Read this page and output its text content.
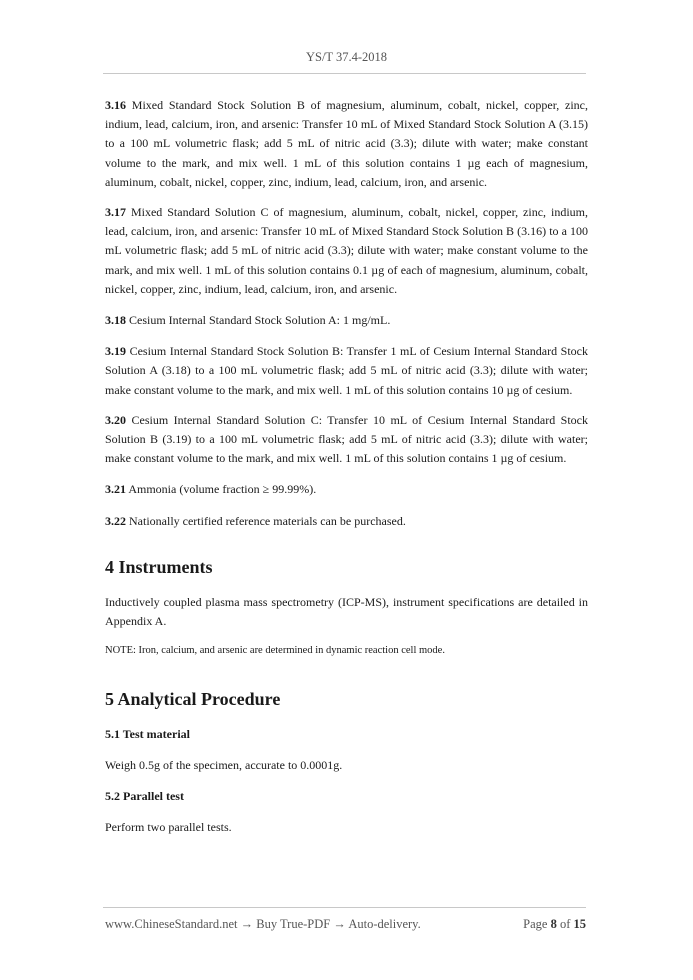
YS/T 37.4-2018

3.16 Mixed Standard Stock Solution B of magnesium, aluminum, cobalt, nickel, copper, zinc, indium, lead, calcium, iron, and arsenic: Transfer 10 mL of Mixed Standard Stock Solution A (3.15) to a 100 mL volumetric flask; add 5 mL of nitric acid (3.3); dilute with water; make constant volume to the mark, and mix well. 1 mL of this solution contains 1 µg each of magnesium, aluminum, cobalt, nickel, copper, zinc, indium, lead, calcium, iron, and arsenic.

3.17 Mixed Standard Solution C of magnesium, aluminum, cobalt, nickel, copper, zinc, indium, lead, calcium, iron, and arsenic: Transfer 10 mL of Mixed Standard Stock Solution B (3.16) to a 100 mL volumetric flask; add 5 mL of nitric acid (3.3); dilute with water; make constant volume to the mark, and mix well. 1 mL of this solution contains 0.1 µg of each of magnesium, aluminum, cobalt, nickel, copper, zinc, indium, lead, calcium, iron, and arsenic.

3.18 Cesium Internal Standard Stock Solution A: 1 mg/mL.

3.19 Cesium Internal Standard Stock Solution B: Transfer 1 mL of Cesium Internal Standard Stock Solution A (3.18) to a 100 mL volumetric flask; add 5 mL of nitric acid (3.3); dilute with water; make constant volume to the mark, and mix well. 1 mL of this solution contains 10 µg of cesium.

3.20 Cesium Internal Standard Solution C: Transfer 10 mL of Cesium Internal Standard Stock Solution B (3.19) to a 100 mL volumetric flask; add 5 mL of nitric acid (3.3); dilute with water; make constant volume to the mark, and mix well. 1 mL of this solution contains 1 µg of cesium.

3.21 Ammonia (volume fraction ≥ 99.99%).

3.22 Nationally certified reference materials can be purchased.

4 Instruments

Inductively coupled plasma mass spectrometry (ICP-MS), instrument specifications are detailed in Appendix A.

NOTE: Iron, calcium, and arsenic are determined in dynamic reaction cell mode.

5 Analytical Procedure

5.1 Test material

Weigh 0.5g of the specimen, accurate to 0.0001g.

5.2 Parallel test

Perform two parallel tests.

www.ChineseStandard.net → Buy True-PDF → Auto-delivery.	Page 8 of 15
